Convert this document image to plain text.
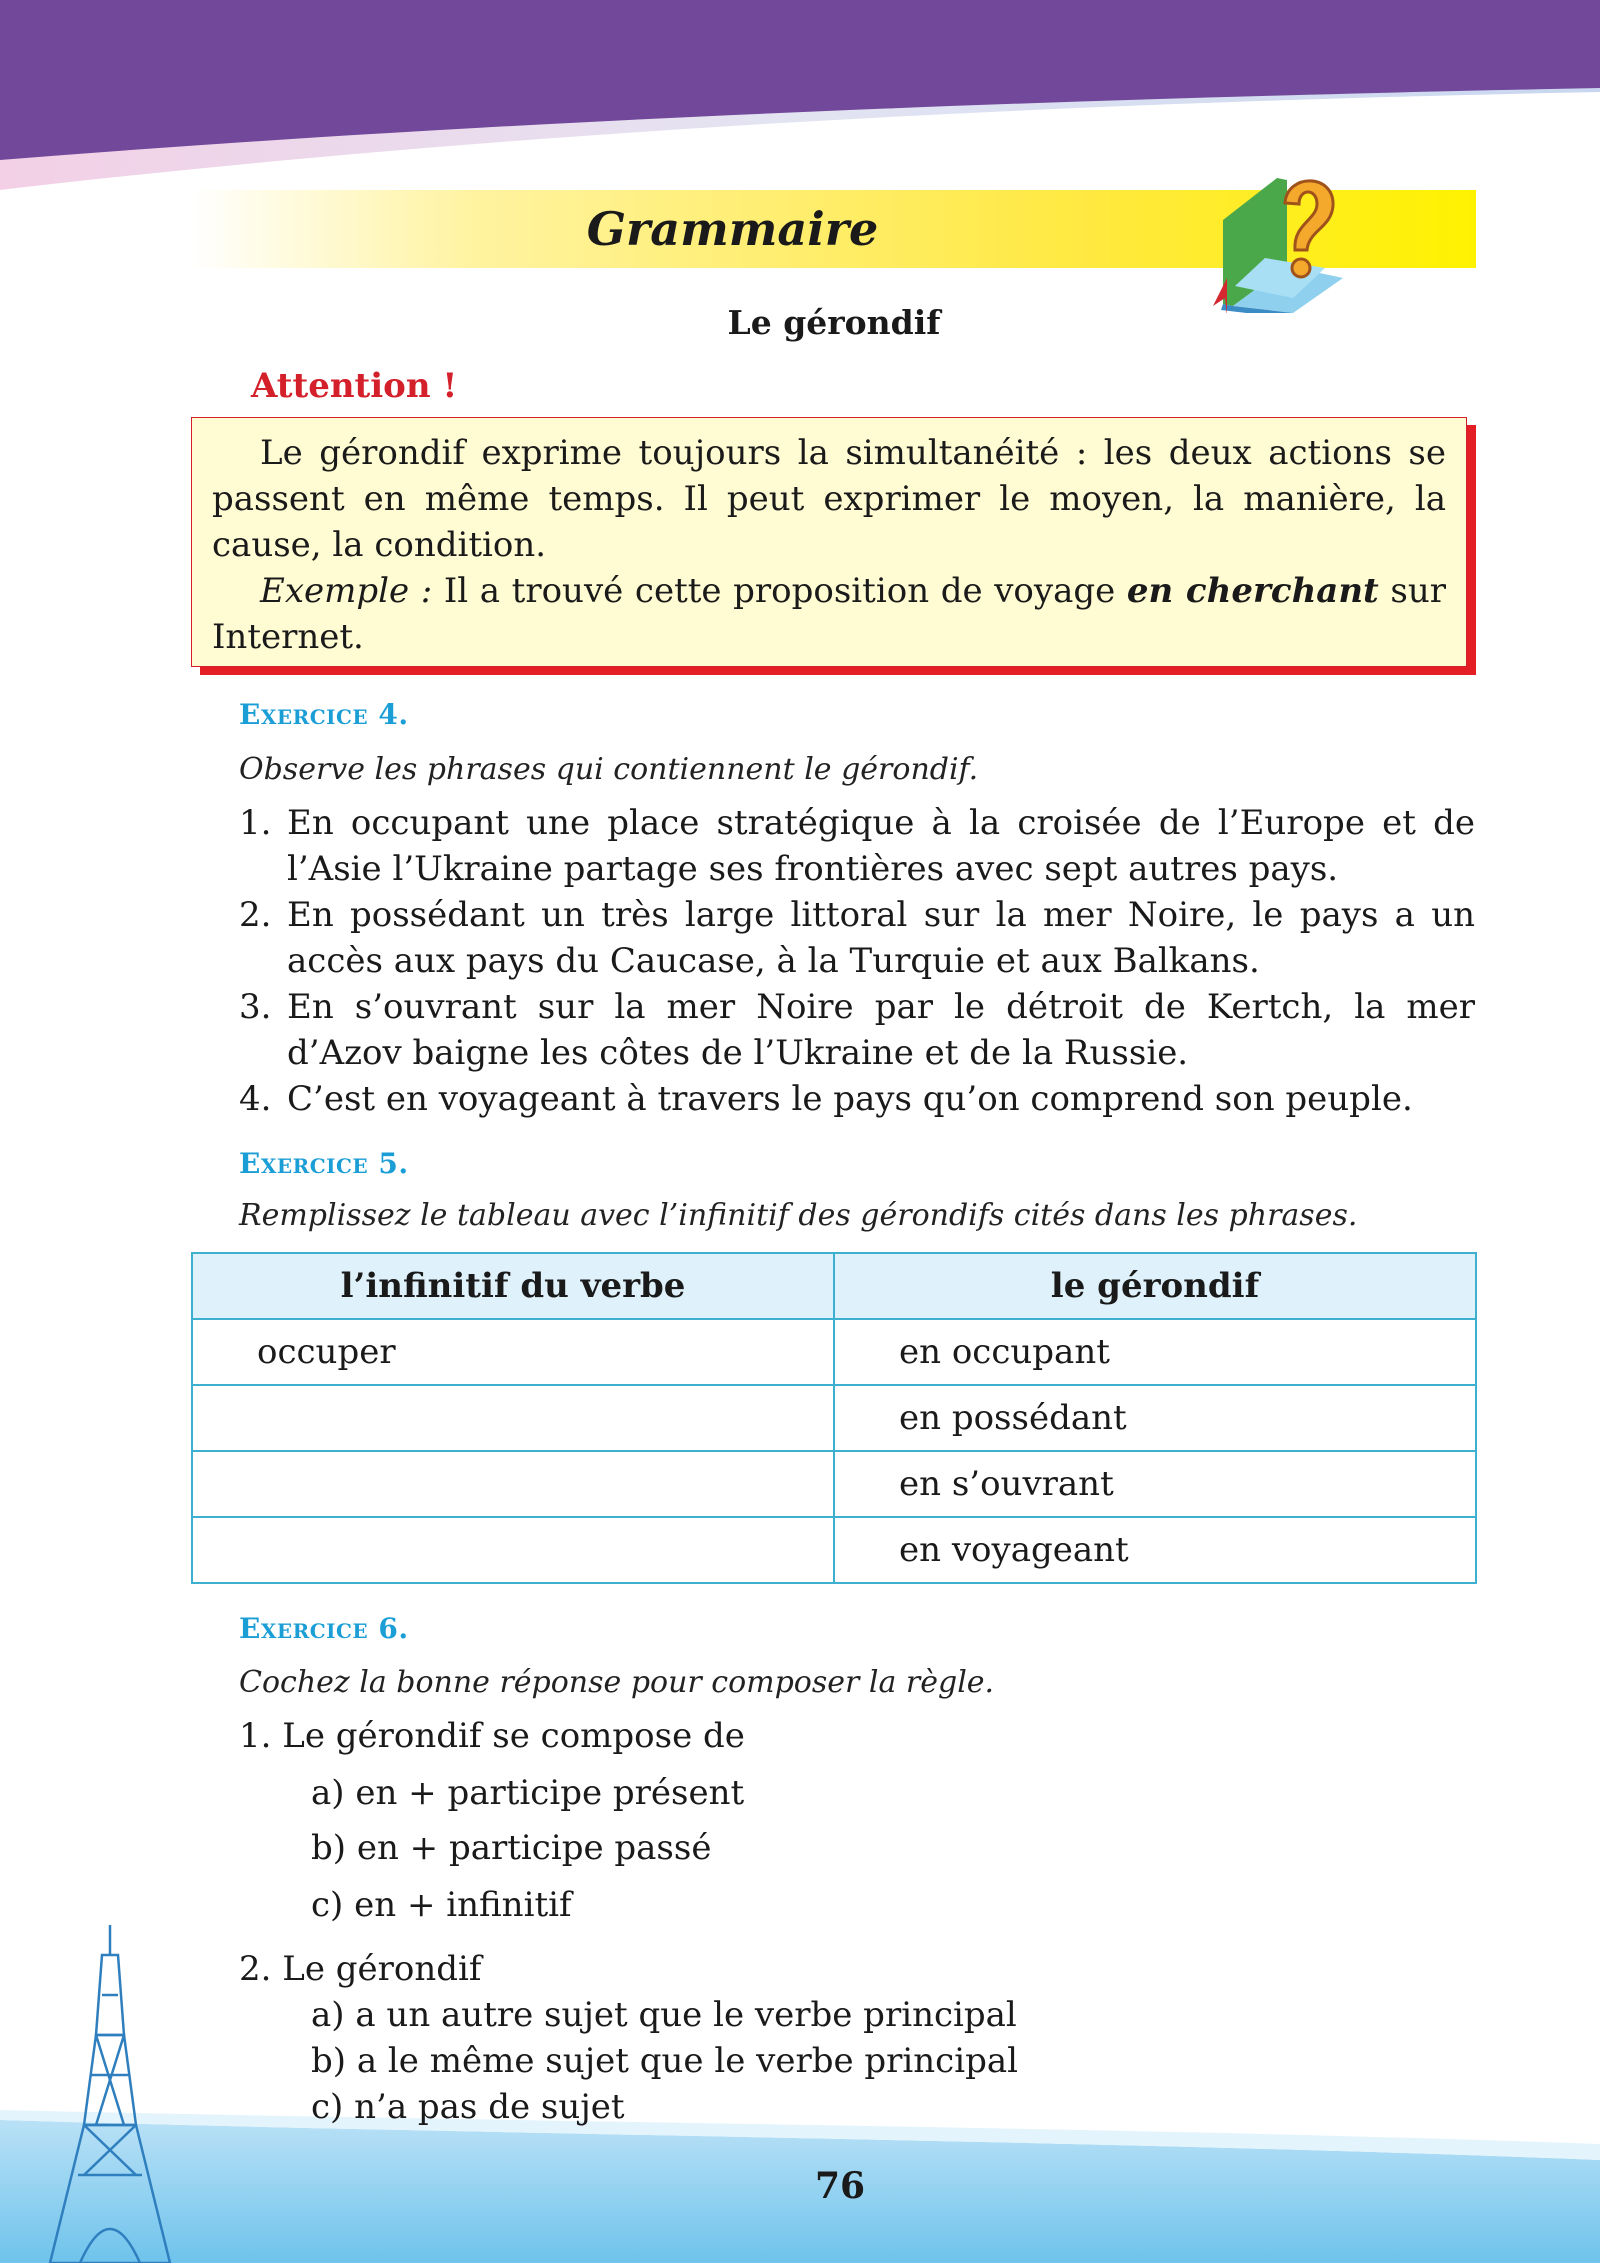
Grammaire
Le gérondif
Attention !

Le gérondif exprime toujours la simultanéité : les deux actions se passent en même temps. Il peut exprimer le moyen, la manière, la cause, la condition.

Exemple : Il a trouvé cette proposition de voyage en cherchant sur Internet.

Exercice 4.
Observe les phrases qui contiennent le gérondif.
1. En occupant une place stratégique à la croisée de l’Europe et de l’Asie l’Ukraine partage ses frontières avec sept autres pays.
2. En possédant un très large littoral sur la mer Noire, le pays a un accès aux pays du Caucase, à la Turquie et aux Balkans.
3. En s’ouvrant sur la mer Noire par le détroit de Kertch, la mer d’Azov baigne les côtes de l’Ukraine et de la Russie.
4. C’est en voyageant à travers le pays qu’on comprend son peuple.
Exercice 5.
Remplissez le tableau avec l’infinitif des gérondifs cités dans les phrases.
l’infinitif du verbe	le gérondif
occuper	en occupant
	en possédant
	en s’ouvrant
	en voyageant
Exercice 6.
Cochez la bonne réponse pour composer la règle.
1. Le gérondif se compose de
a) en + participe présent
b) en + participe passé
c) en + infinitif
2. Le gérondif
a) a un autre sujet que le verbe principal
b) a le même sujet que le verbe principal
c) n’a pas de sujet
76
